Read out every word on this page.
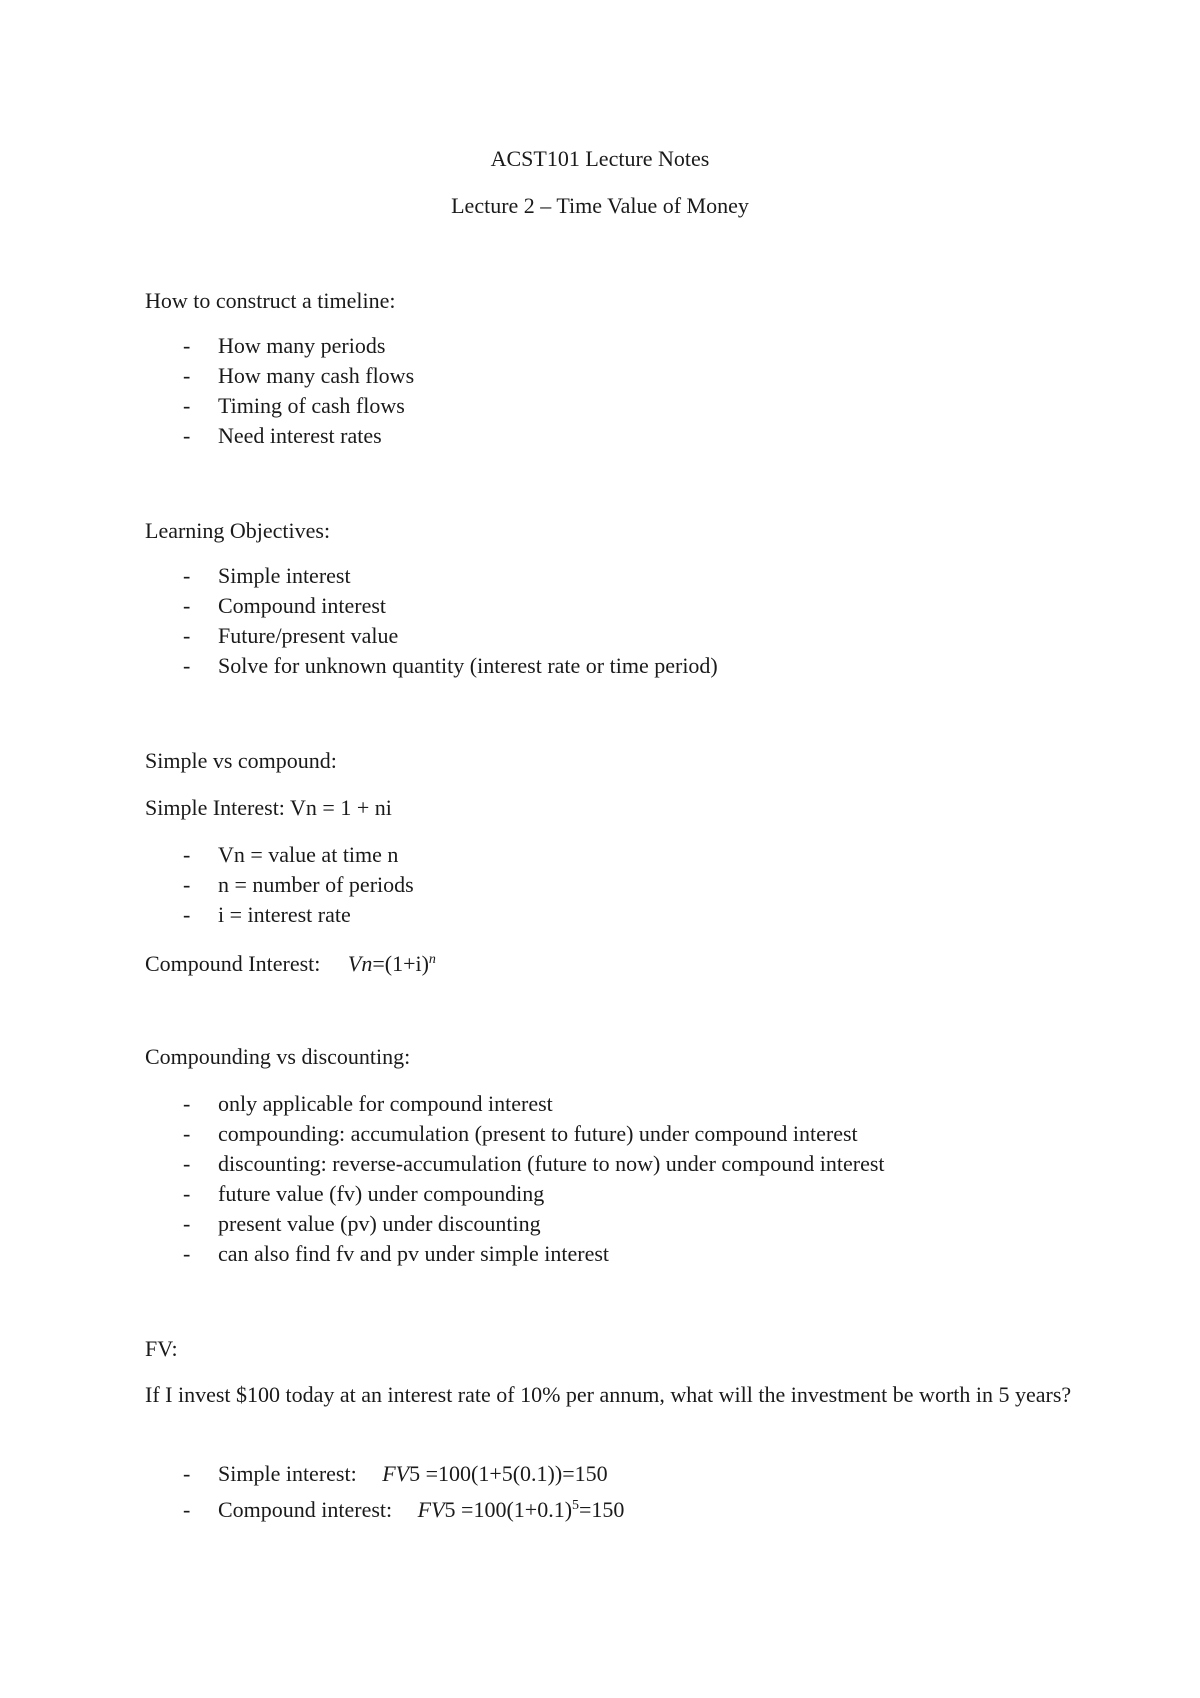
ACST101 Lecture Notes
Lecture 2 – Time Value of Money
How to construct a timeline:
- How many periods
- How many cash flows
- Timing of cash flows
- Need interest rates
Learning Objectives:
- Simple interest
- Compound interest
- Future/present value
- Solve for unknown quantity (interest rate or time period)
Simple vs compound:
Simple Interest: Vn = 1 + ni
- Vn = value at time n
- n = number of periods
- i = interest rate
Compound Interest: $Vn=(1+i)^n$
Compounding vs discounting:
- only applicable for compound interest
- compounding: accumulation (present to future) under compound interest
- discounting: reverse-accumulation (future to now) under compound interest
- future value (fv) under compounding
- present value (pv) under discounting
- can also find fv and pv under simple interest
FV:
If I invest $100 today at an interest rate of 10% per annum, what will the investment be worth in 5 years?
- Simple interest: FV5 =100(1+5(0.1))=150
- Compound interest: $FV5 =100(1+0.1)^5=150$
